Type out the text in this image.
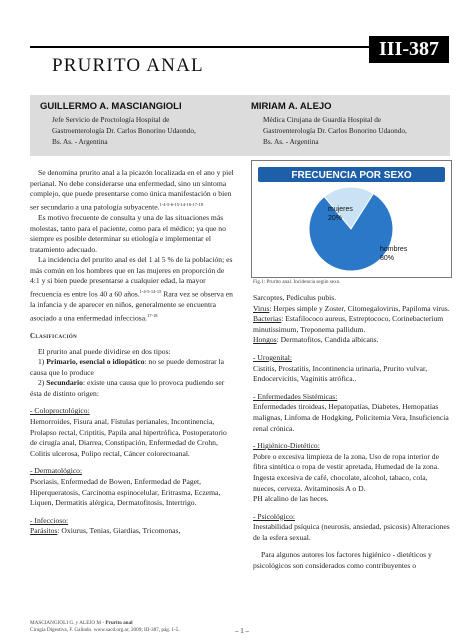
III-387
PRURITO ANAL
GUILLERMO A. MASCIANGIOLI
Jefe Servicio de Proctología Hospital de
Gastroenterología Dr. Carlos Bonorino Udaondo,
Bs. As. - Argentina
MIRIAM A. ALEJO
Médica Cirujana de Guardia Hospital de
Gastroenterología Dr. Carlos Bonorino Udaondo,
Bs. As. - Argentina

Se denomina prurito anal a la picazón localizada en el ano y piel perianal. No debe considerarse una enfermedad, sino un síntoma complejo, que puede presentarse como única manifestación o bien ser secundario a una patología subyacente.$^{1-4-5-6-15-14-16-17-18}$

Es motivo frecuente de consulta y una de las situaciones más molestas, tanto para el paciente, como para el médico; ya que no siempre es posible determinar su etiología e implementar el tratamiento adecuado.

La incidencia del prurito anal es del 1 al 5 % de la población; es más común en los hombres que en las mujeres en proporción de 4:1 y si bien puede presentarse a cualquier edad, la mayor frecuencia es entre los 40 a 60 años.$^{1-4-5-14-15}$ Rara vez se observa en la infancia y de aparecer en niños, generalmente se encuentra asociado a una enfermedad infecciosa.$^{17-18}$

Clasificación

El prurito anal puede dividirse en dos tipos:

1) Primario, esencial o idiopático: no se puede demostrar la causa que lo produce

2) Secundario: existe una causa que lo provoca pudiendo ser ésta de distinto origen:

- Coloproctológico:

Hemorroides, Fisura anal, Fístulas perianales, Incontinencia, Prolapso rectal, Criptitis, Papila anal hipertrófica, Postoperatorio de cirugía anal, Diarrea, Constipación, Enfermedad de Crohn, Colitis ulcerosa, Polipo rectal, Cáncer colorectoanal.

- Dermatológico:

Psoriasis, Enfermedad de Bowen, Enfermedad de Paget, Hiperqueratosis, Carcinoma espinocelular, Eritrasma, Eczema, Liquen, Dermatitis alérgica, Dermatofitosis, Intertrigo.

- Infeccioso:

Parásitos: Oxiurus, Tenias, Giardias, Tricomonas,

FRECUENCIA POR SEXO
mujeres
20%
hombres
80%
Fig.1: Prurito anal. Incidencia según sexo.

Sarcoptes, Pediculus pubis.

Virus: Herpes simple y Zoster, Citomegalovirus, Papiloma virus.

Bacterias: Estafilococo aureus, Estreptococo, Corinebacterium minutissimum, Treponema pallidum.

Hongos: Dermatofitos, Candida albicans.

- Urogenital:

Cistitis, Prostatitis, Incontinencia urinaria, Prurito vulvar, Endocervicitis, Vaginitis atrófica..

- Enfermedades Sistémicas:

Enfermedades tiroideas, Hepatopatías, Diabetes, Hemopatías malignas, Linfoma de Hodgking, Policitemia Vera, Insuficiencia renal crónica.

- Higiénico-Dietético:

Pobre o excesiva limpieza de la zona, Uso de ropa interior de fibra sintética o ropa de vestir apretada, Humedad de la zona.

Ingesta excesiva de café, chocolate, alcohol, tabaco, cola, nueces, cerveza. Avitaminosis A o D.

PH alcalino de las heces.

- Psicológico:

Inestabilidad psíquica (neurosis, ansiedad, psicosis) Alteraciones de la esfera sexual.

Para algunos autores los factores higiénico - dietéticos y psicológicos son considerados como contribuyentes o

MASCIANGIOLI G. y ALEJO M - Prurito anal
Cirugía Digestiva, F. Galindo. www.sacd.org.ar, 2009; III-387, pág. 1-5.	– 1 –
